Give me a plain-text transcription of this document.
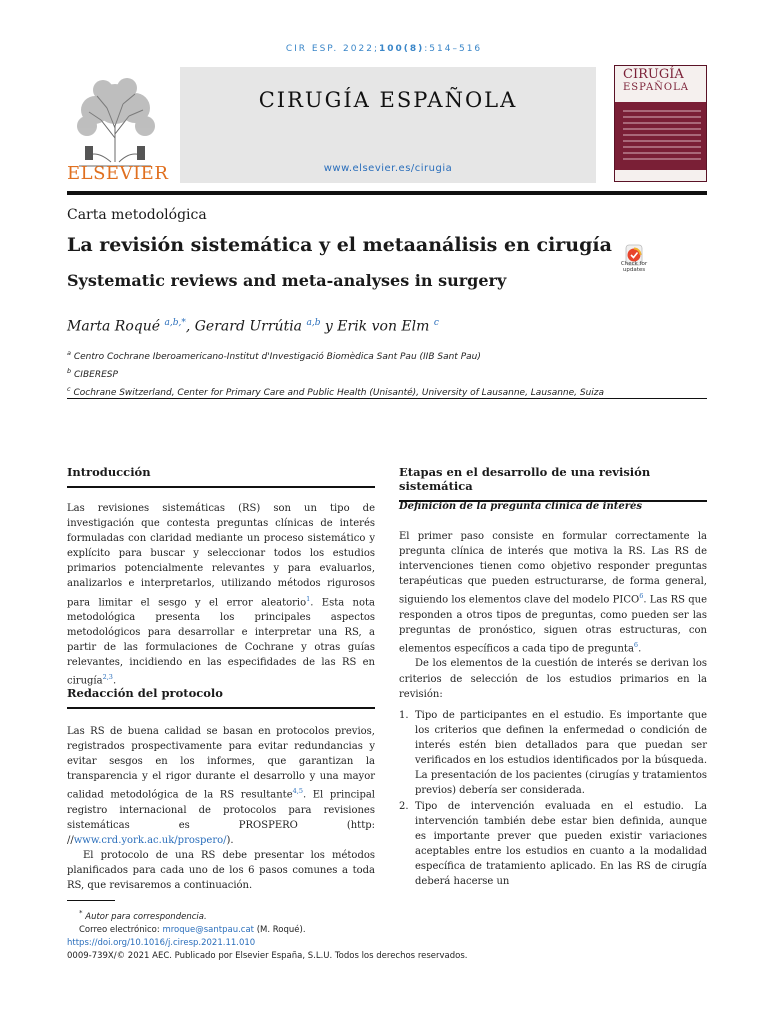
CIR ESP. 2022;100(8):514–516
ELSEVIER
CIRUGÍA ESPAÑOLA
www.elsevier.es/cirugia
CIRUGÍA
ESPAÑOLA
Carta metodológica
La revisión sistemática y el metaanálisis en cirugía
Systematic reviews and meta-analyses in surgery
Check for updates
Marta Roqué $^{a,b,*}$, Gerard Urrútia $^{a,b}$ y Erik von Elm $^c$
$^a$ Centro Cochrane Iberoamericano-Institut d'Investigació Biomèdica Sant Pau (IIB Sant Pau)
$^b$ CIBERESP
$^c$ Cochrane Switzerland, Center for Primary Care and Public Health (Unisanté), University of Lausanne, Lausanne, Suiza
Introducción

Las revisiones sistemáticas (RS) son un tipo de investigación que contesta preguntas clínicas de interés formuladas con claridad mediante un proceso sistemático y explícito para buscar y seleccionar todos los estudios primarios potencialmente relevantes y para evaluarlos, analizarlos e interpretarlos, utilizando métodos rigurosos para limitar el sesgo y el error aleatorio$^1$. Esta nota metodológica presenta los principales aspectos metodológicos para desarrollar e interpretar una RS, a partir de las formulaciones de Cochrane y otras guías relevantes, incidiendo en las especifidades de las RS en cirugía$^{2,3}$.

Redacción del protocolo

Las RS de buena calidad se basan en protocolos previos, registrados prospectivamente para evitar redundancias y evitar sesgos en los informes, que garantizan la transparencia y el rigor durante el desarrollo y una mayor calidad metodológica de la RS resultante$^{4,5}$. El principal registro internacional de protocolos para revisiones sistemáticas es PROSPERO (http: //www.crd.york.ac.uk/prospero/).

El protocolo de una RS debe presentar los métodos planificados para cada uno de los 6 pasos comunes a toda RS, que revisaremos a continuación.

Etapas en el desarrollo de una revisión sistemática
Definición de la pregunta clínica de interés

El primer paso consiste en formular correctamente la pregunta clínica de interés que motiva la RS. Las RS de intervenciones tienen como objetivo responder preguntas terapéuticas que pueden estructurarse, de forma general, siguiendo los elementos clave del modelo PICO$^6$. Las RS que responden a otros tipos de preguntas, como pueden ser las preguntas de pronóstico, siguen otras estructuras, con elementos específicos a cada tipo de pregunta$^6$.

De los elementos de la cuestión de interés se derivan los criterios de selección de los estudios primarios en la revisión:

1. Tipo de participantes en el estudio. Es importante que los criterios que definen la enfermedad o condición de interés estén bien detallados para que puedan ser verificados en los estudios identificados por la búsqueda. La presentación de los pacientes (cirugías y tratamientos previos) debería ser considerada.
2. Tipo de intervención evaluada en el estudio. La intervención también debe estar bien definida, aunque es importante prever que pueden existir variaciones aceptables entre los estudios en cuanto a la modalidad específica de tratamiento aplicado. En las RS de cirugía deberá hacerse un
* Autor para correspondencia.
Correo electrónico: mroque@santpau.cat (M. Roqué).
https://doi.org/10.1016/j.ciresp.2021.11.010
0009-739X/© 2021 AEC. Publicado por Elsevier España, S.L.U. Todos los derechos reservados.
